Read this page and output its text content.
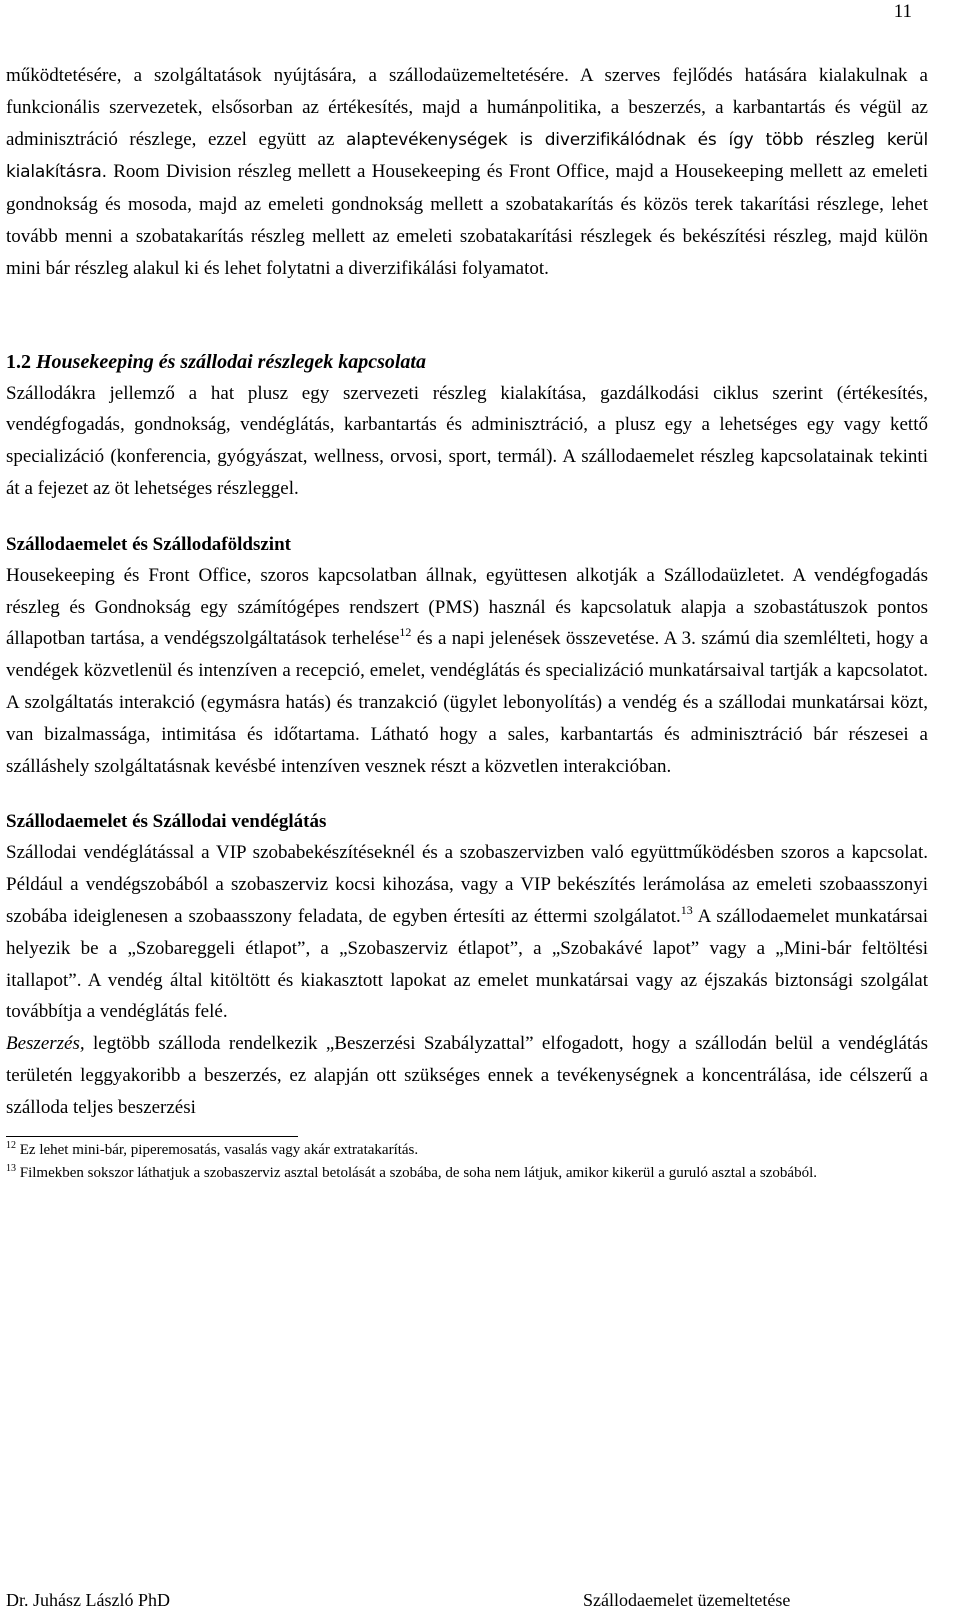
11

működtetésére, a szolgáltatások nyújtására, a szállodaüzemeltetésére. A szerves fejlődés hatására kialakulnak a funkcionális szervezetek, elsősorban az értékesítés, majd a humánpolitika, a beszerzés, a karbantartás és végül az adminisztráció részlege, ezzel együtt az alaptevékenységek is diverzifikálódnak és így több részleg kerül kialakításra. Room Division részleg mellett a Housekeeping és Front Office, majd a Housekeeping mellett az emeleti gondnokság és mosoda, majd az emeleti gondnokság mellett a szobatakarítás és közös terek takarítási részlege, lehet tovább menni a szobatakarítás részleg mellett az emeleti szobatakarítási részlegek és bekészítési részleg, majd külön mini bár részleg alakul ki és lehet folytatni a diverzifikálási folyamatot.

1.2 Housekeeping és szállodai részlegek kapcsolata

Szállodákra jellemző a hat plusz egy szervezeti részleg kialakítása, gazdálkodási ciklus szerint (értékesítés, vendégfogadás, gondnokság, vendéglátás, karbantartás és adminisztráció, a plusz egy a lehetséges egy vagy kettő specializáció (konferencia, gyógyászat, wellness, orvosi, sport, termál). A szállodaemelet részleg kapcsolatainak tekinti át a fejezet az öt lehetséges részleggel.

Szállodaemelet és Szállodaföldszint

Housekeeping és Front Office, szoros kapcsolatban állnak, együttesen alkotják a Szállodaüzletet. A vendégfogadás részleg és Gondnokság egy számítógépes rendszert (PMS) használ és kapcsolatuk alapja a szobastátuszok pontos állapotban tartása, a vendégszolgáltatások terhelése$^{12}$ és a napi jelenések összevetése. A 3. számú dia szemlélteti, hogy a vendégek közvetlenül és intenzíven a recepció, emelet, vendéglátás és specializáció munkatársaival tartják a kapcsolatot. A szolgáltatás interakció (egymásra hatás) és tranzakció (ügylet lebonyolítás) a vendég és a szállodai munkatársai közt, van bizalmassága, intimitása és időtartama. Látható hogy a sales, karbantartás és adminisztráció bár részesei a szálláshely szolgáltatásnak kevésbé intenzíven vesznek részt a közvetlen interakcióban.

Szállodaemelet és Szállodai vendéglátás

Szállodai vendéglátással a VIP szobabekészítéseknél és a szobaszervizben való együttműködésben szoros a kapcsolat. Például a vendégszobából a szobaszerviz kocsi kihozása, vagy a VIP bekészítés lerámolása az emeleti szobaasszonyi szobába ideiglenesen a szobaasszony feladata, de egyben értesíti az éttermi szolgálatot.$^{13}$ A szállodaemelet munkatársai helyezik be a „Szobareggeli étlapot”, a „Szobaszerviz étlapot”, a „Szobakávé lapot” vagy a „Mini-bár feltöltési itallapot”. A vendég által kitöltött és kiakasztott lapokat az emelet munkatársai vagy az éjszakás biztonsági szolgálat továbbítja a vendéglátás felé.

Beszerzés, legtöbb szálloda rendelkezik „Beszerzési Szabályzattal” elfogadott, hogy a szállodán belül a vendéglátás területén leggyakoribb a beszerzés, ez alapján ott szükséges ennek a tevékenységnek a koncentrálása, ide célszerű a szálloda teljes beszerzési

$^{12}$ Ez lehet mini-bár, piperemosatás, vasalás vagy akár extratakarítás.
$^{13}$ Filmekben sokszor láthatjuk a szobaszerviz asztal betolását a szobába, de soha nem látjuk, amikor kikerül a guruló asztal a szobából.
Dr. Juhász László PhD	Szállodaemelet üzemeltetése
